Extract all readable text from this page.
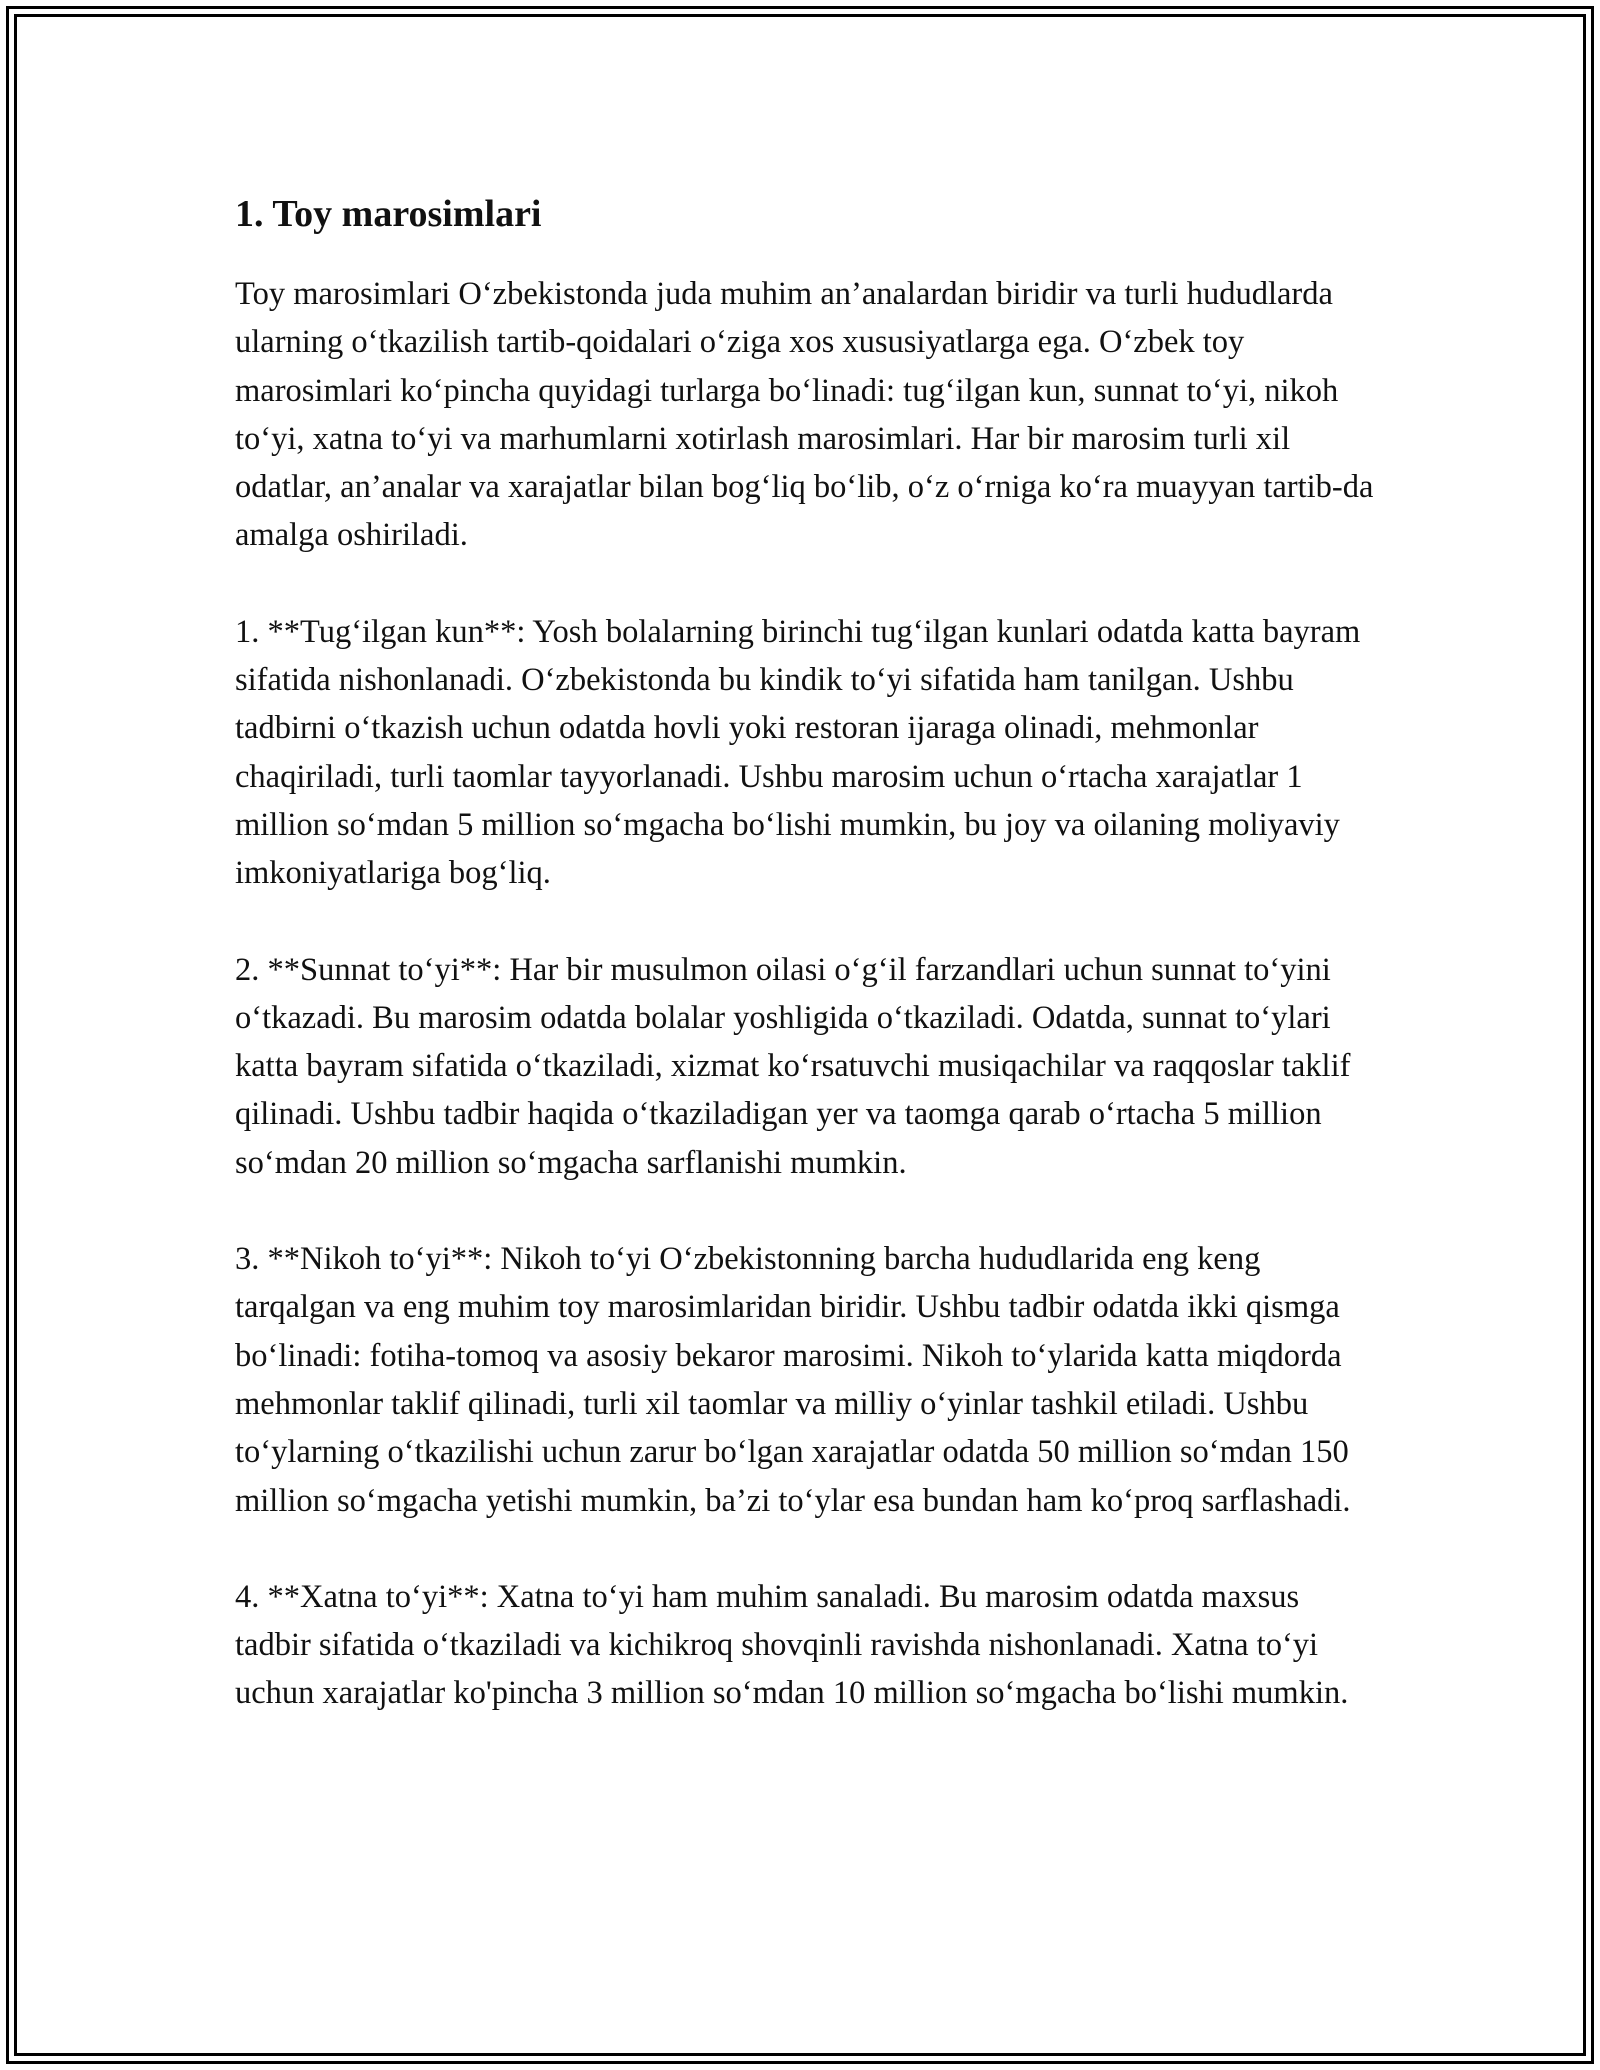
1. Toy marosimlari

Toy marosimlari O‘zbekistonda juda muhim an’analardan biridir va turli hududlarda ularning o‘tkazilish tartib-qoidalari o‘ziga xos xususiyatlarga ega. O‘zbek toy marosimlari ko‘pincha quyidagi turlarga bo‘linadi: tug‘ilgan kun, sunnat to‘yi, nikoh to‘yi, xatna to‘yi va marhumlarni xotirlash marosimlari. Har bir marosim turli xil odatlar, an’analar va xarajatlar bilan bog‘liq bo‘lib, o‘z o‘rniga ko‘ra muayyan tartib-da amalga oshiriladi.

1. **Tug‘ilgan kun**: Yosh bolalarning birinchi tug‘ilgan kunlari odatda katta bayram sifatida nishonlanadi. O‘zbekistonda bu kindik to‘yi sifatida ham tanilgan. Ushbu tadbirni o‘tkazish uchun odatda hovli yoki restoran ijaraga olinadi, mehmonlar chaqiriladi, turli taomlar tayyorlanadi. Ushbu marosim uchun o‘rtacha xarajatlar 1 million so‘mdan 5 million so‘mgacha bo‘lishi mumkin, bu joy va oilaning moliyaviy imkoniyatlariga bog‘liq.

2. **Sunnat to‘yi**: Har bir musulmon oilasi o‘g‘il farzandlari uchun sunnat to‘yini o‘tkazadi. Bu marosim odatda bolalar yoshligida o‘tkaziladi. Odatda, sunnat to‘ylari katta bayram sifatida o‘tkaziladi, xizmat ko‘rsatuvchi musiqachilar va raqqoslar taklif qilinadi. Ushbu tadbir haqida o‘tkaziladigan yer va taomga qarab o‘rtacha 5 million so‘mdan 20 million so‘mgacha sarflanishi mumkin.

3. **Nikoh to‘yi**: Nikoh to‘yi O‘zbekistonning barcha hududlarida eng keng tarqalgan va eng muhim toy marosimlaridan biridir. Ushbu tadbir odatda ikki qismga bo‘linadi: fotiha-tomoq va asosiy bekaror marosimi. Nikoh to‘ylarida katta miqdorda mehmonlar taklif qilinadi, turli xil taomlar va milliy o‘yinlar tashkil etiladi. Ushbu to‘ylarning o‘tkazilishi uchun zarur bo‘lgan xarajatlar odatda 50 million so‘mdan 150 million so‘mgacha yetishi mumkin, ba’zi to‘ylar esa bundan ham ko‘proq sarflashadi.

4. **Xatna to‘yi**: Xatna to‘yi ham muhim sanaladi. Bu marosim odatda maxsus tadbir sifatida o‘tkaziladi va kichikroq shovqinli ravishda nishonlanadi. Xatna to‘yi uchun xarajatlar ko'pincha 3 million so‘mdan 10 million so‘mgacha bo‘lishi mumkin.
